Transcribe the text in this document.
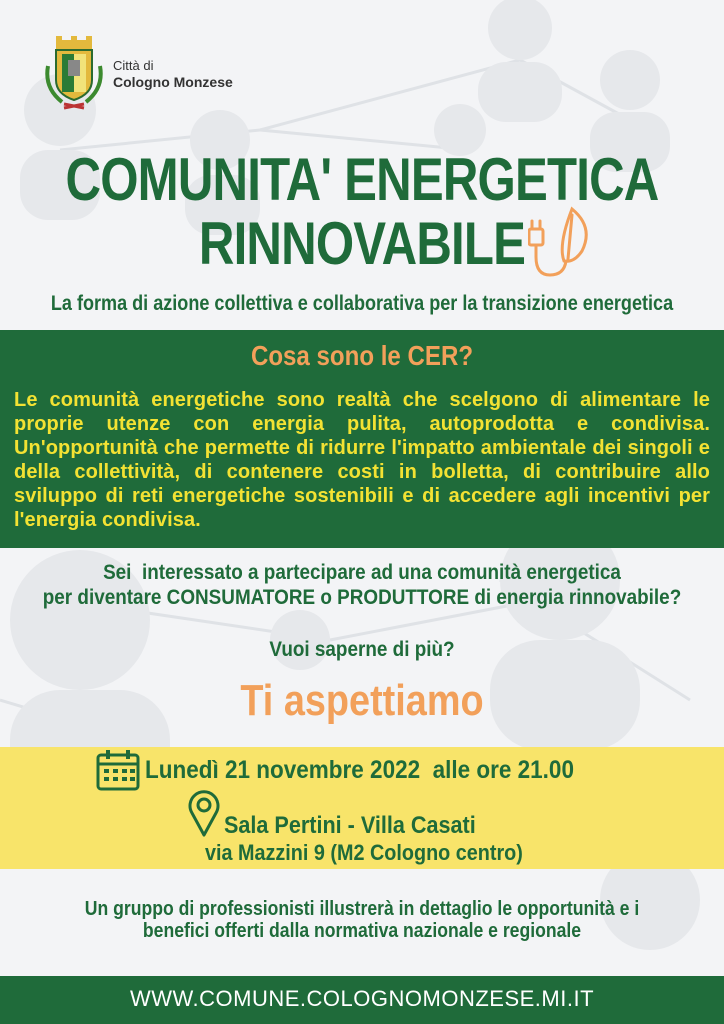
Città di
Cologno Monzese
COMUNITA' ENERGETICA
RINNOVABILE
La forma di azione collettiva e collaborativa per la transizione energetica
Cosa sono le CER?
Le comunità energetiche sono realtà che scelgono di alimentare le proprie utenze con energia pulita, autoprodotta e condivisa. Un'opportunità che permette di ridurre l'impatto ambientale dei singoli e della collettività, di contenere costi in bolletta, di contribuire allo sviluppo di reti energetiche sostenibili e di accedere agli incentivi per l'energia condivisa.
Sei  interessato a partecipare ad una comunità energetica
per diventare CONSUMATORE o PRODUTTORE di energia rinnovabile?
Vuoi saperne di più?
Ti aspettiamo
Lunedì 21 novembre 2022  alle ore 21.00
Sala Pertini - Villa Casati
via Mazzini 9 (M2 Cologno centro)
Un gruppo di professionisti illustrerà in dettaglio le opportunità e i
benefici offerti dalla normativa nazionale e regionale
WWW.COMUNE.COLOGNOMONZESE.MI.IT
